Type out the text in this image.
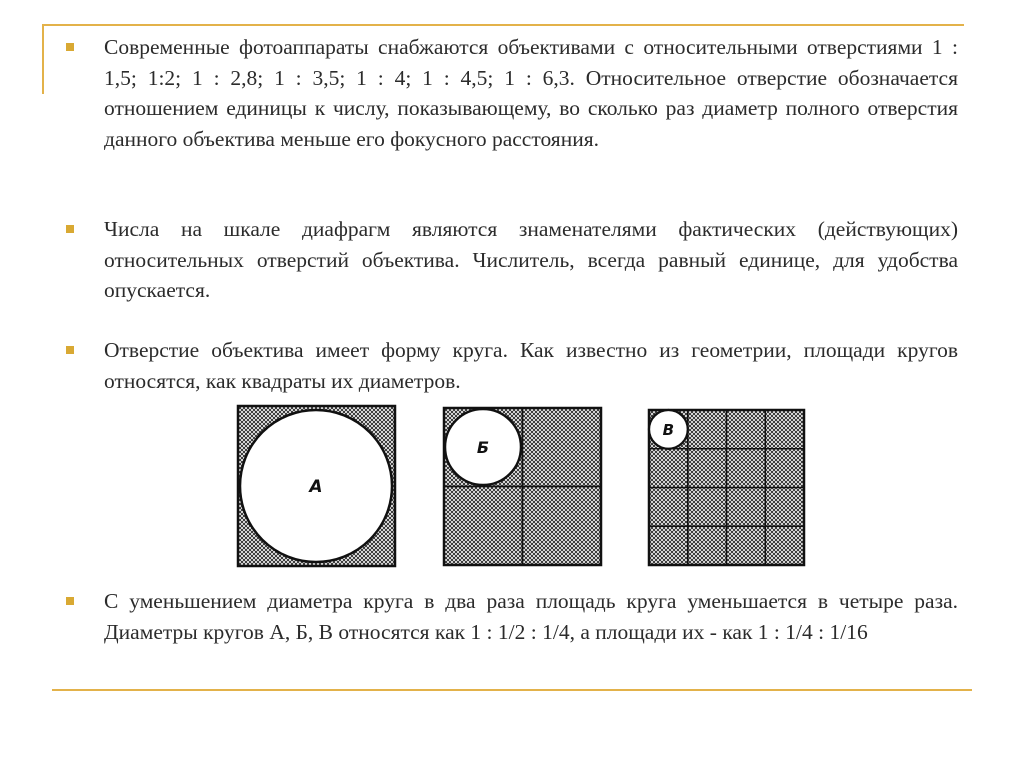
Современные фотоаппараты снабжаются объективами с относительными отверстиями 1 : 1,5; 1:2; 1 : 2,8; 1 : 3,5; 1 : 4; 1 : 4,5; 1 : 6,3. Относительное отверстие обозначается отношением единицы к числу, показывающему, во сколько раз диаметр полного отверстия данного объектива меньше его фокусного расстояния.
Числа на шкале диафрагм являются знаменателями фактических (действующих) относительных отверстий объектива. Числитель, всегда равный единице, для удобства опускается.
Отверстие объектива имеет форму круга. Как известно из геометрии, площади кругов относятся, как квадраты их диаметров.
А
Б
В
С уменьшением диаметра круга в два раза площадь круга уменьшается в четыре раза. Диаметры кругов А, Б, В относятся как 1 : 1/2 : 1/4, а площади их - как 1 : 1/4 : 1/16
